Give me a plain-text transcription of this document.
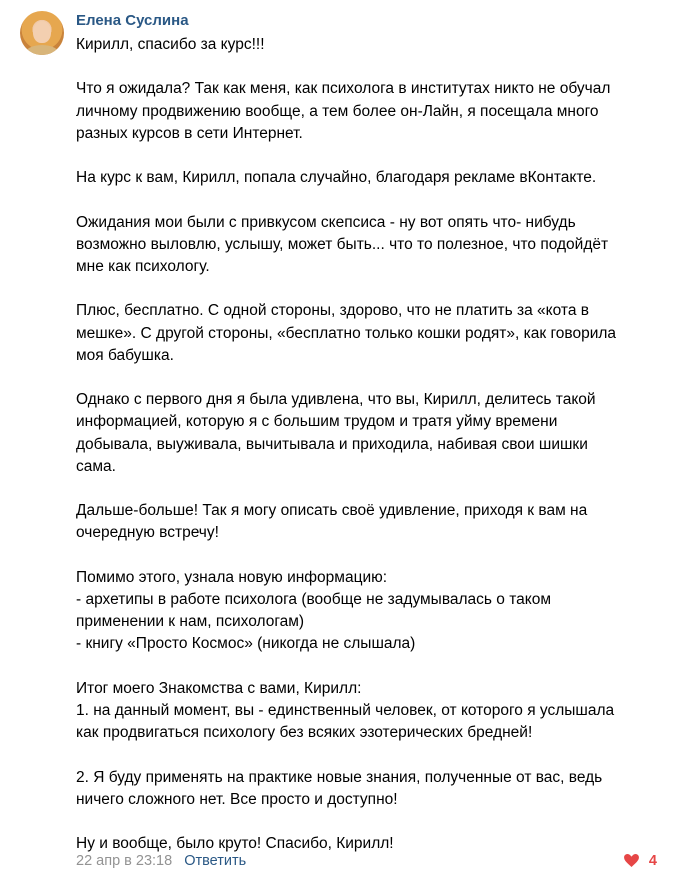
Елена Суслина

Кирилл, спасибо за курс!!!

Что я ожидала? Так как меня, как психолога в институтах никто не обучал
личному продвижению вообще, а тем более он-Лайн, я посещала много
разных курсов в сети Интернет.

На курс к вам, Кирилл, попала случайно, благодаря рекламе вКонтакте.

Ожидания мои были с привкусом скепсиса - ну вот опять что- нибудь
возможно выловлю, услышу, может быть... что то полезное, что подойдёт
мне как психологу.

Плюс, бесплатно. С одной стороны, здорово, что не платить за «кота в
мешке». С другой стороны, «бесплатно только кошки родят», как говорила
моя бабушка.

Однако с первого дня я была удивлена, что вы, Кирилл, делитесь такой
информацией, которую я с большим трудом и тратя уйму времени
добывала, выуживала, вычитывала и приходила, набивая свои шишки
сама.

Дальше-больше! Так я могу описать своё удивление, приходя к вам на
очередную встречу!

Помимо этого, узнала новую информацию:
- архетипы в работе психолога (вообще не задумывалась о таком
применении к нам, психологам)
- книгу «Просто Космос» (никогда не слышала)

Итог моего Знакомства с вами, Кирилл:
1. на данный момент, вы - единственный человек, от которого я услышала
как продвигаться психологу без всяких эзотерических бредней!

2. Я буду применять на практике новые знания, полученные от вас, ведь
ничего сложного нет. Все просто и доступно!

Ну и вообще, было круто! Спасибо, Кирилл!

22 апр в 23:18 Ответить	4
